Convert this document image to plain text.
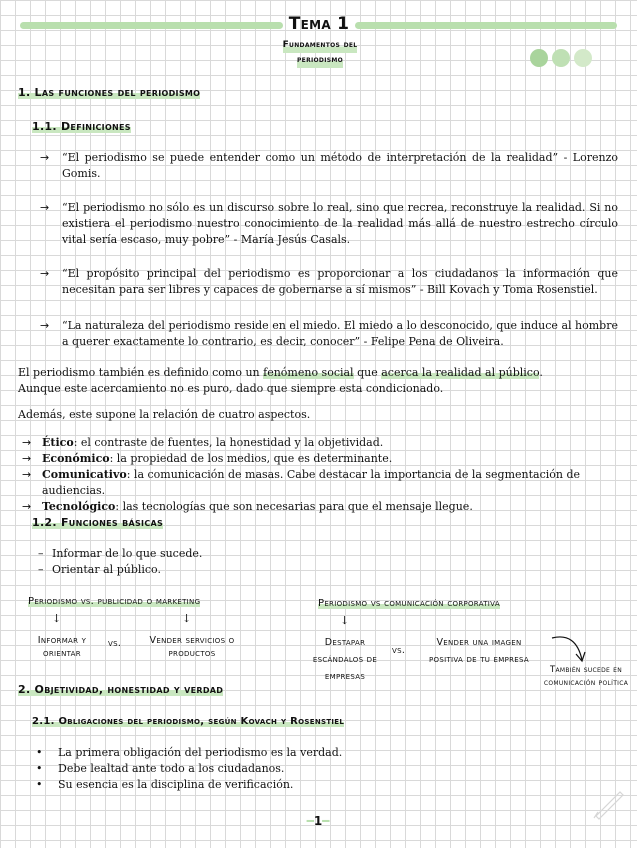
Tema 1
Fundamentos del
periodismo
1. Las funciones del periodismo
1.1. Definiciones
→ “El periodismo se puede entender como un método de interpretación de la realidad” - Lorenzo Gomis.
→ “El periodismo no sólo es un discurso sobre lo real, sino que recrea, reconstruye la realidad. Si no existiera el periodismo nuestro conocimiento de la realidad más allá de nuestro estrecho círculo vital sería escaso, muy pobre” - María Jesús Casals.
→ “El propósito principal del periodismo es proporcionar a los ciudadanos la información que necesitan para ser libres y capaces de gobernarse a sí mismos” - Bill Kovach y Toma Rosenstiel.
→ “La naturaleza del periodismo reside en el miedo. El miedo a lo desconocido, que induce al hombre a querer exactamente lo contrario, es decir, conocer” - Felipe Pena de Oliveira.
El periodismo también es definido como un fenómeno social que acerca la realidad al público. Aunque este acercamiento no es puro, dado que siempre esta condicionado.
Además, este supone la relación de cuatro aspectos.
→ Ético: el contraste de fuentes, la honestidad y la objetividad.
→ Económico: la propiedad de los medios, que es determinante.
→ Comunicativo: la comunicación de masas. Cabe destacar la importancia de la segmentación de audiencias.
→ Tecnológico: las tecnologías que son necesarias para que el mensaje llegue.
1.2. Funciones básicas
– Informar de lo que sucede.
– Orientar al público.
Periodismo vs. publicidad o marketing
↓	↓
Informar y orientar
vs.	Vender servicios o productos
Periodismo vs comunicación corporativa
↓
Destapar escándalos de empresas
vs.
Vender una imagen positiva de tu empresa
También sucede en comunicación política
2. Objetividad, honestidad y verdad
2.1. Obligaciones del periodismo, según Kovach y Rosenstiel
• La primera obligación del periodismo es la verdad.
• Debe lealtad ante todo a los ciudadanos.
• Su esencia es la disciplina de verificación.
━1━
